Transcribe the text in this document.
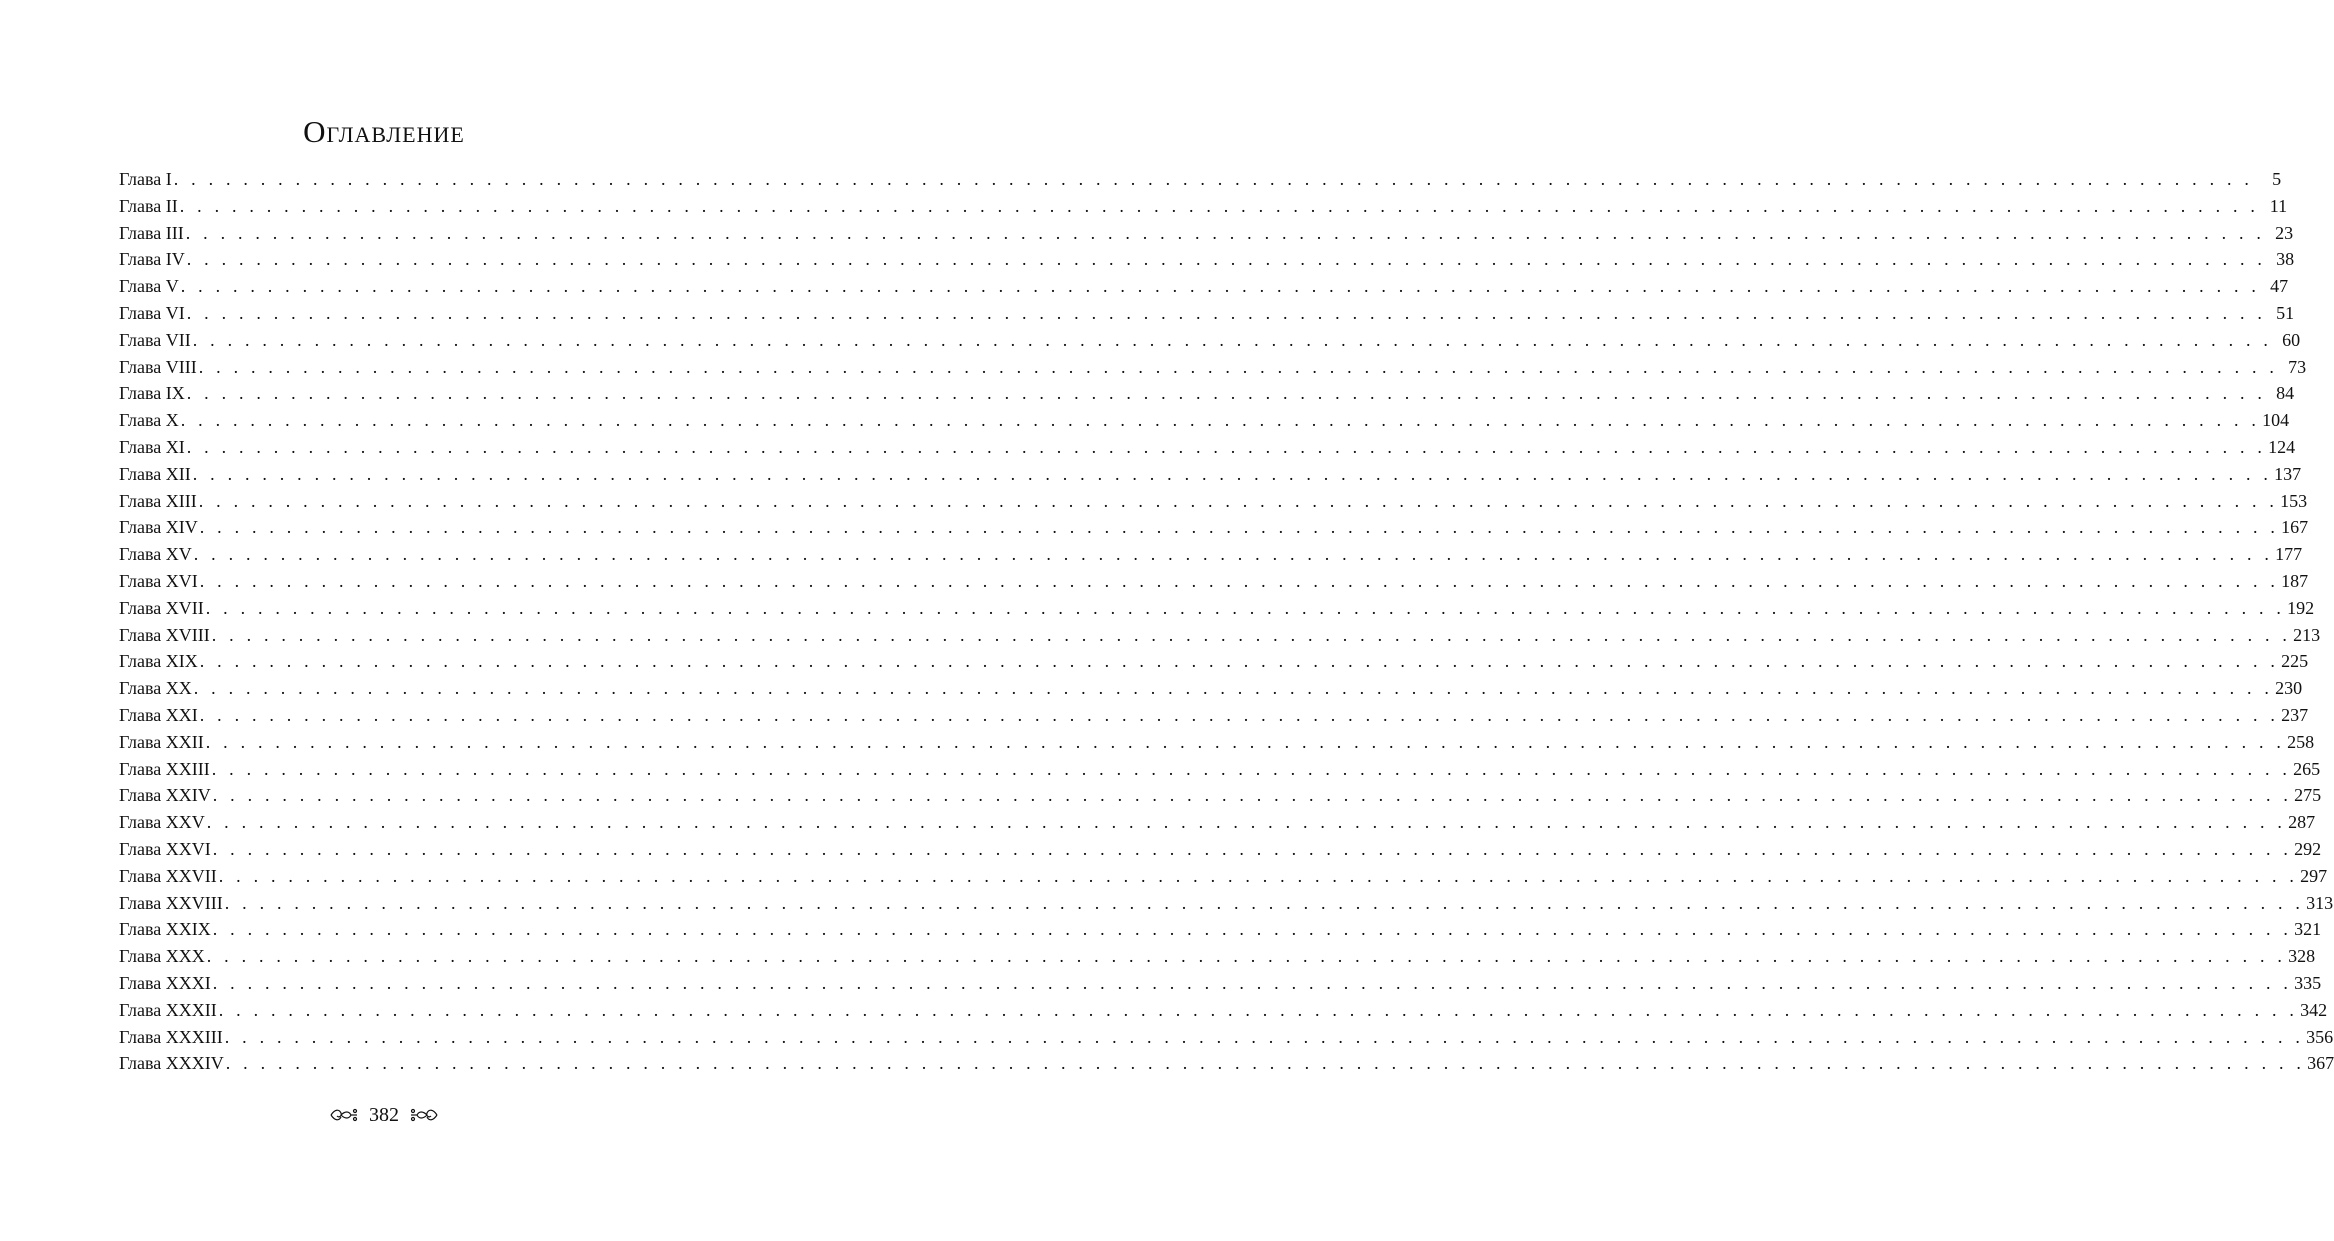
Оглавление
Глава I . . . . . . . . . . . . . . . . . . . . . . . . . . . . . . . . . . . . . . . . . . . . . . . . . . . . . . . . . . . . . . . . . . . . . . . . . . . . . . . . . . . . . . . . . . . . . . . . . . . . . . . . . . . . . . . . . . . . . . . .	5
Глава II . . . . . . . . . . . . . . . . . . . . . . . . . . . . . . . . . . . . . . . . . . . . . . . . . . . . . . . . . . . . . . . . . . . . . . . . . . . . . . . . . . . . . . . . . . . . . . . . . . . . . . . . . . . . . . . . . . . . . . . . 11
Глава III . . . . . . . . . . . . . . . . . . . . . . . . . . . . . . . . . . . . . . . . . . . . . . . . . . . . . . . . . . . . . . . . . . . . . . . . . . . . . . . . . . . . . . . . . . . . . . . . . . . . . . . . . . . . . . . . . . . . . . . . 23
Глава IV . . . . . . . . . . . . . . . . . . . . . . . . . . . . . . . . . . . . . . . . . . . . . . . . . . . . . . . . . . . . . . . . . . . . . . . . . . . . . . . . . . . . . . . . . . . . . . . . . . . . . . . . . . . . . . . . . . . . . . . . 38
Глава V . . . . . . . . . . . . . . . . . . . . . . . . . . . . . . . . . . . . . . . . . . . . . . . . . . . . . . . . . . . . . . . . . . . . . . . . . . . . . . . . . . . . . . . . . . . . . . . . . . . . . . . . . . . . . . . . . . . . . . . . 47
Глава VI . . . . . . . . . . . . . . . . . . . . . . . . . . . . . . . . . . . . . . . . . . . . . . . . . . . . . . . . . . . . . . . . . . . . . . . . . . . . . . . . . . . . . . . . . . . . . . . . . . . . . . . . . . . . . . . . . . . . . . . . 51
Глава VII . . . . . . . . . . . . . . . . . . . . . . . . . . . . . . . . . . . . . . . . . . . . . . . . . . . . . . . . . . . . . . . . . . . . . . . . . . . . . . . . . . . . . . . . . . . . . . . . . . . . . . . . . . . . . . . . . . . . . . . . 60
Глава VIII . . . . . . . . . . . . . . . . . . . . . . . . . . . . . . . . . . . . . . . . . . . . . . . . . . . . . . . . . . . . . . . . . . . . . . . . . . . . . . . . . . . . . . . . . . . . . . . . . . . . . . . . . . . . . . . . . . . . . . . . 73
Глава IX . . . . . . . . . . . . . . . . . . . . . . . . . . . . . . . . . . . . . . . . . . . . . . . . . . . . . . . . . . . . . . . . . . . . . . . . . . . . . . . . . . . . . . . . . . . . . . . . . . . . . . . . . . . . . . . . . . . . . . . . 84
Глава X . . . . . . . . . . . . . . . . . . . . . . . . . . . . . . . . . . . . . . . . . . . . . . . . . . . . . . . . . . . . . . . . . . . . . . . . . . . . . . . . . . . . . . . . . . . . . . . . . . . . . . . . . . . . . . . . . . . . . . . . 104
Глава XI . . . . . . . . . . . . . . . . . . . . . . . . . . . . . . . . . . . . . . . . . . . . . . . . . . . . . . . . . . . . . . . . . . . . . . . . . . . . . . . . . . . . . . . . . . . . . . . . . . . . . . . . . . . . . . . . . . . . . . . . 124
Глава XII . . . . . . . . . . . . . . . . . . . . . . . . . . . . . . . . . . . . . . . . . . . . . . . . . . . . . . . . . . . . . . . . . . . . . . . . . . . . . . . . . . . . . . . . . . . . . . . . . . . . . . . . . . . . . . . . . . . . . . . . 137
Глава XIII . . . . . . . . . . . . . . . . . . . . . . . . . . . . . . . . . . . . . . . . . . . . . . . . . . . . . . . . . . . . . . . . . . . . . . . . . . . . . . . . . . . . . . . . . . . . . . . . . . . . . . . . . . . . . . . . . . . . . . . . 153
Глава XIV . . . . . . . . . . . . . . . . . . . . . . . . . . . . . . . . . . . . . . . . . . . . . . . . . . . . . . . . . . . . . . . . . . . . . . . . . . . . . . . . . . . . . . . . . . . . . . . . . . . . . . . . . . . . . . . . . . . . . . . . 167
Глава XV . . . . . . . . . . . . . . . . . . . . . . . . . . . . . . . . . . . . . . . . . . . . . . . . . . . . . . . . . . . . . . . . . . . . . . . . . . . . . . . . . . . . . . . . . . . . . . . . . . . . . . . . . . . . . . . . . . . . . . . . 177
Глава XVI . . . . . . . . . . . . . . . . . . . . . . . . . . . . . . . . . . . . . . . . . . . . . . . . . . . . . . . . . . . . . . . . . . . . . . . . . . . . . . . . . . . . . . . . . . . . . . . . . . . . . . . . . . . . . . . . . . . . . . . . 187
Глава XVII . . . . . . . . . . . . . . . . . . . . . . . . . . . . . . . . . . . . . . . . . . . . . . . . . . . . . . . . . . . . . . . . . . . . . . . . . . . . . . . . . . . . . . . . . . . . . . . . . . . . . . . . . . . . . . . . . . . . . . . . 192
Глава XVIII . . . . . . . . . . . . . . . . . . . . . . . . . . . . . . . . . . . . . . . . . . . . . . . . . . . . . . . . . . . . . . . . . . . . . . . . . . . . . . . . . . . . . . . . . . . . . . . . . . . . . . . . . . . . . . . . . . . . . . . . 213
Глава XIX . . . . . . . . . . . . . . . . . . . . . . . . . . . . . . . . . . . . . . . . . . . . . . . . . . . . . . . . . . . . . . . . . . . . . . . . . . . . . . . . . . . . . . . . . . . . . . . . . . . . . . . . . . . . . . . . . . . . . . . . 225
Глава XX . . . . . . . . . . . . . . . . . . . . . . . . . . . . . . . . . . . . . . . . . . . . . . . . . . . . . . . . . . . . . . . . . . . . . . . . . . . . . . . . . . . . . . . . . . . . . . . . . . . . . . . . . . . . . . . . . . . . . . . . 230
Глава XXI . . . . . . . . . . . . . . . . . . . . . . . . . . . . . . . . . . . . . . . . . . . . . . . . . . . . . . . . . . . . . . . . . . . . . . . . . . . . . . . . . . . . . . . . . . . . . . . . . . . . . . . . . . . . . . . . . . . . . . . . 237
Глава XXII . . . . . . . . . . . . . . . . . . . . . . . . . . . . . . . . . . . . . . . . . . . . . . . . . . . . . . . . . . . . . . . . . . . . . . . . . . . . . . . . . . . . . . . . . . . . . . . . . . . . . . . . . . . . . . . . . . . . . . . . 258
Глава XXIII . . . . . . . . . . . . . . . . . . . . . . . . . . . . . . . . . . . . . . . . . . . . . . . . . . . . . . . . . . . . . . . . . . . . . . . . . . . . . . . . . . . . . . . . . . . . . . . . . . . . . . . . . . . . . . . . . . . . . . . . 265
Глава XXIV . . . . . . . . . . . . . . . . . . . . . . . . . . . . . . . . . . . . . . . . . . . . . . . . . . . . . . . . . . . . . . . . . . . . . . . . . . . . . . . . . . . . . . . . . . . . . . . . . . . . . . . . . . . . . . . . . . . . . . . . 275
Глава XXV . . . . . . . . . . . . . . . . . . . . . . . . . . . . . . . . . . . . . . . . . . . . . . . . . . . . . . . . . . . . . . . . . . . . . . . . . . . . . . . . . . . . . . . . . . . . . . . . . . . . . . . . . . . . . . . . . . . . . . . . 287
Глава XXVI . . . . . . . . . . . . . . . . . . . . . . . . . . . . . . . . . . . . . . . . . . . . . . . . . . . . . . . . . . . . . . . . . . . . . . . . . . . . . . . . . . . . . . . . . . . . . . . . . . . . . . . . . . . . . . . . . . . . . . . . 292
Глава XXVII . . . . . . . . . . . . . . . . . . . . . . . . . . . . . . . . . . . . . . . . . . . . . . . . . . . . . . . . . . . . . . . . . . . . . . . . . . . . . . . . . . . . . . . . . . . . . . . . . . . . . . . . . . . . . . . . . . . . . . . . 297
Глава XXVIII . . . . . . . . . . . . . . . . . . . . . . . . . . . . . . . . . . . . . . . . . . . . . . . . . . . . . . . . . . . . . . . . . . . . . . . . . . . . . . . . . . . . . . . . . . . . . . . . . . . . . . . . . . . . . . . . . . . . . . . . 313
Глава XXIX . . . . . . . . . . . . . . . . . . . . . . . . . . . . . . . . . . . . . . . . . . . . . . . . . . . . . . . . . . . . . . . . . . . . . . . . . . . . . . . . . . . . . . . . . . . . . . . . . . . . . . . . . . . . . . . . . . . . . . . . 321
Глава XXX . . . . . . . . . . . . . . . . . . . . . . . . . . . . . . . . . . . . . . . . . . . . . . . . . . . . . . . . . . . . . . . . . . . . . . . . . . . . . . . . . . . . . . . . . . . . . . . . . . . . . . . . . . . . . . . . . . . . . . . . 328
Глава XXXI . . . . . . . . . . . . . . . . . . . . . . . . . . . . . . . . . . . . . . . . . . . . . . . . . . . . . . . . . . . . . . . . . . . . . . . . . . . . . . . . . . . . . . . . . . . . . . . . . . . . . . . . . . . . . . . . . . . . . . . . 335
Глава XXXII . . . . . . . . . . . . . . . . . . . . . . . . . . . . . . . . . . . . . . . . . . . . . . . . . . . . . . . . . . . . . . . . . . . . . . . . . . . . . . . . . . . . . . . . . . . . . . . . . . . . . . . . . . . . . . . . . . . . . . . . 342
Глава XXXIII . . . . . . . . . . . . . . . . . . . . . . . . . . . . . . . . . . . . . . . . . . . . . . . . . . . . . . . . . . . . . . . . . . . . . . . . . . . . . . . . . . . . . . . . . . . . . . . . . . . . . . . . . . . . . . . . . . . . . . . . 356
Глава XXXIV . . . . . . . . . . . . . . . . . . . . . . . . . . . . . . . . . . . . . . . . . . . . . . . . . . . . . . . . . . . . . . . . . . . . . . . . . . . . . . . . . . . . . . . . . . . . . . . . . . . . . . . . . . . . . . . . . . . . . . . . 367
382
